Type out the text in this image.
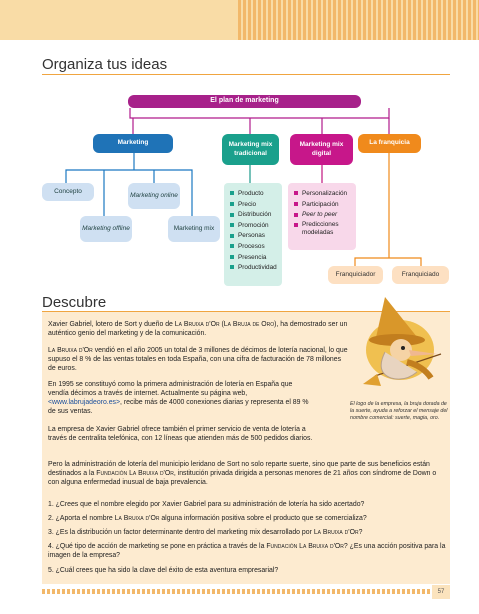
Organiza tus ideas
El plan de marketing
Marketing	Marketing mix tradicional
Marketing mix digital
La franquicia
Concepto
Marketing online
Marketing offline	Marketing mix
Producto
Precio
Distribución
Promoción
Personas
Procesos
Presencia
Productividad
Personalización
Participación
Peer to peer
Predicciones modeladas
Franquiciador	Franquiciado
Descubre
El logo de la empresa, la bruja dorada de la suerte, ayuda a reforzar el mensaje del nombre comercial: suerte, magia, oro.
Xavier Gabriel, lotero de Sort y dueño de La Bruixa d'Or (La Bruja de Oro), ha demostrado ser un auténtico genio del marketing y de la comunicación.
La Bruixa d'Or vendió en el año 2005 un total de 3 millones de décimos de lotería nacional, lo que supuso el 8 % de las ventas totales en toda España, con una cifra de facturación de 78 millones de euros.
En 1995 se constituyó como la primera administración de lotería en España que vendía décimos a través de internet. Actualmente su página web, <www.labrujadeoro.es>, recibe más de 4000 conexiones diarias y representa el 89 % de sus ventas.
La empresa de Xavier Gabriel ofrece también el primer servicio de venta de lotería a través de centralita telefónica, con 12 líneas que atienden más de 500 pedidos diarios.
Pero la administración de lotería del municipio leridano de Sort no solo reparte suerte, sino que parte de sus beneficios están destinados a la Fundación La Bruixa d'Or, institución privada dirigida a personas menores de 21 años con síndrome de Down o con alguna enfermedad inusual de baja prevalencia.
1. ¿Crees que el nombre elegido por Xavier Gabriel para su administración de lotería ha sido acertado?
2. ¿Aporta el nombre La Bruixa d'Or alguna información positiva sobre el producto que se comercializa?
3. ¿Es la distribución un factor determinante dentro del marketing mix desarrollado por La Bruixa d'Or?
4. ¿Qué tipo de acción de marketing se pone en práctica a través de la Fundación La Bruixa d'Or? ¿Es una acción positiva para la imagen de la empresa?
5. ¿Cuál crees que ha sido la clave del éxito de esta aventura empresarial?
57
